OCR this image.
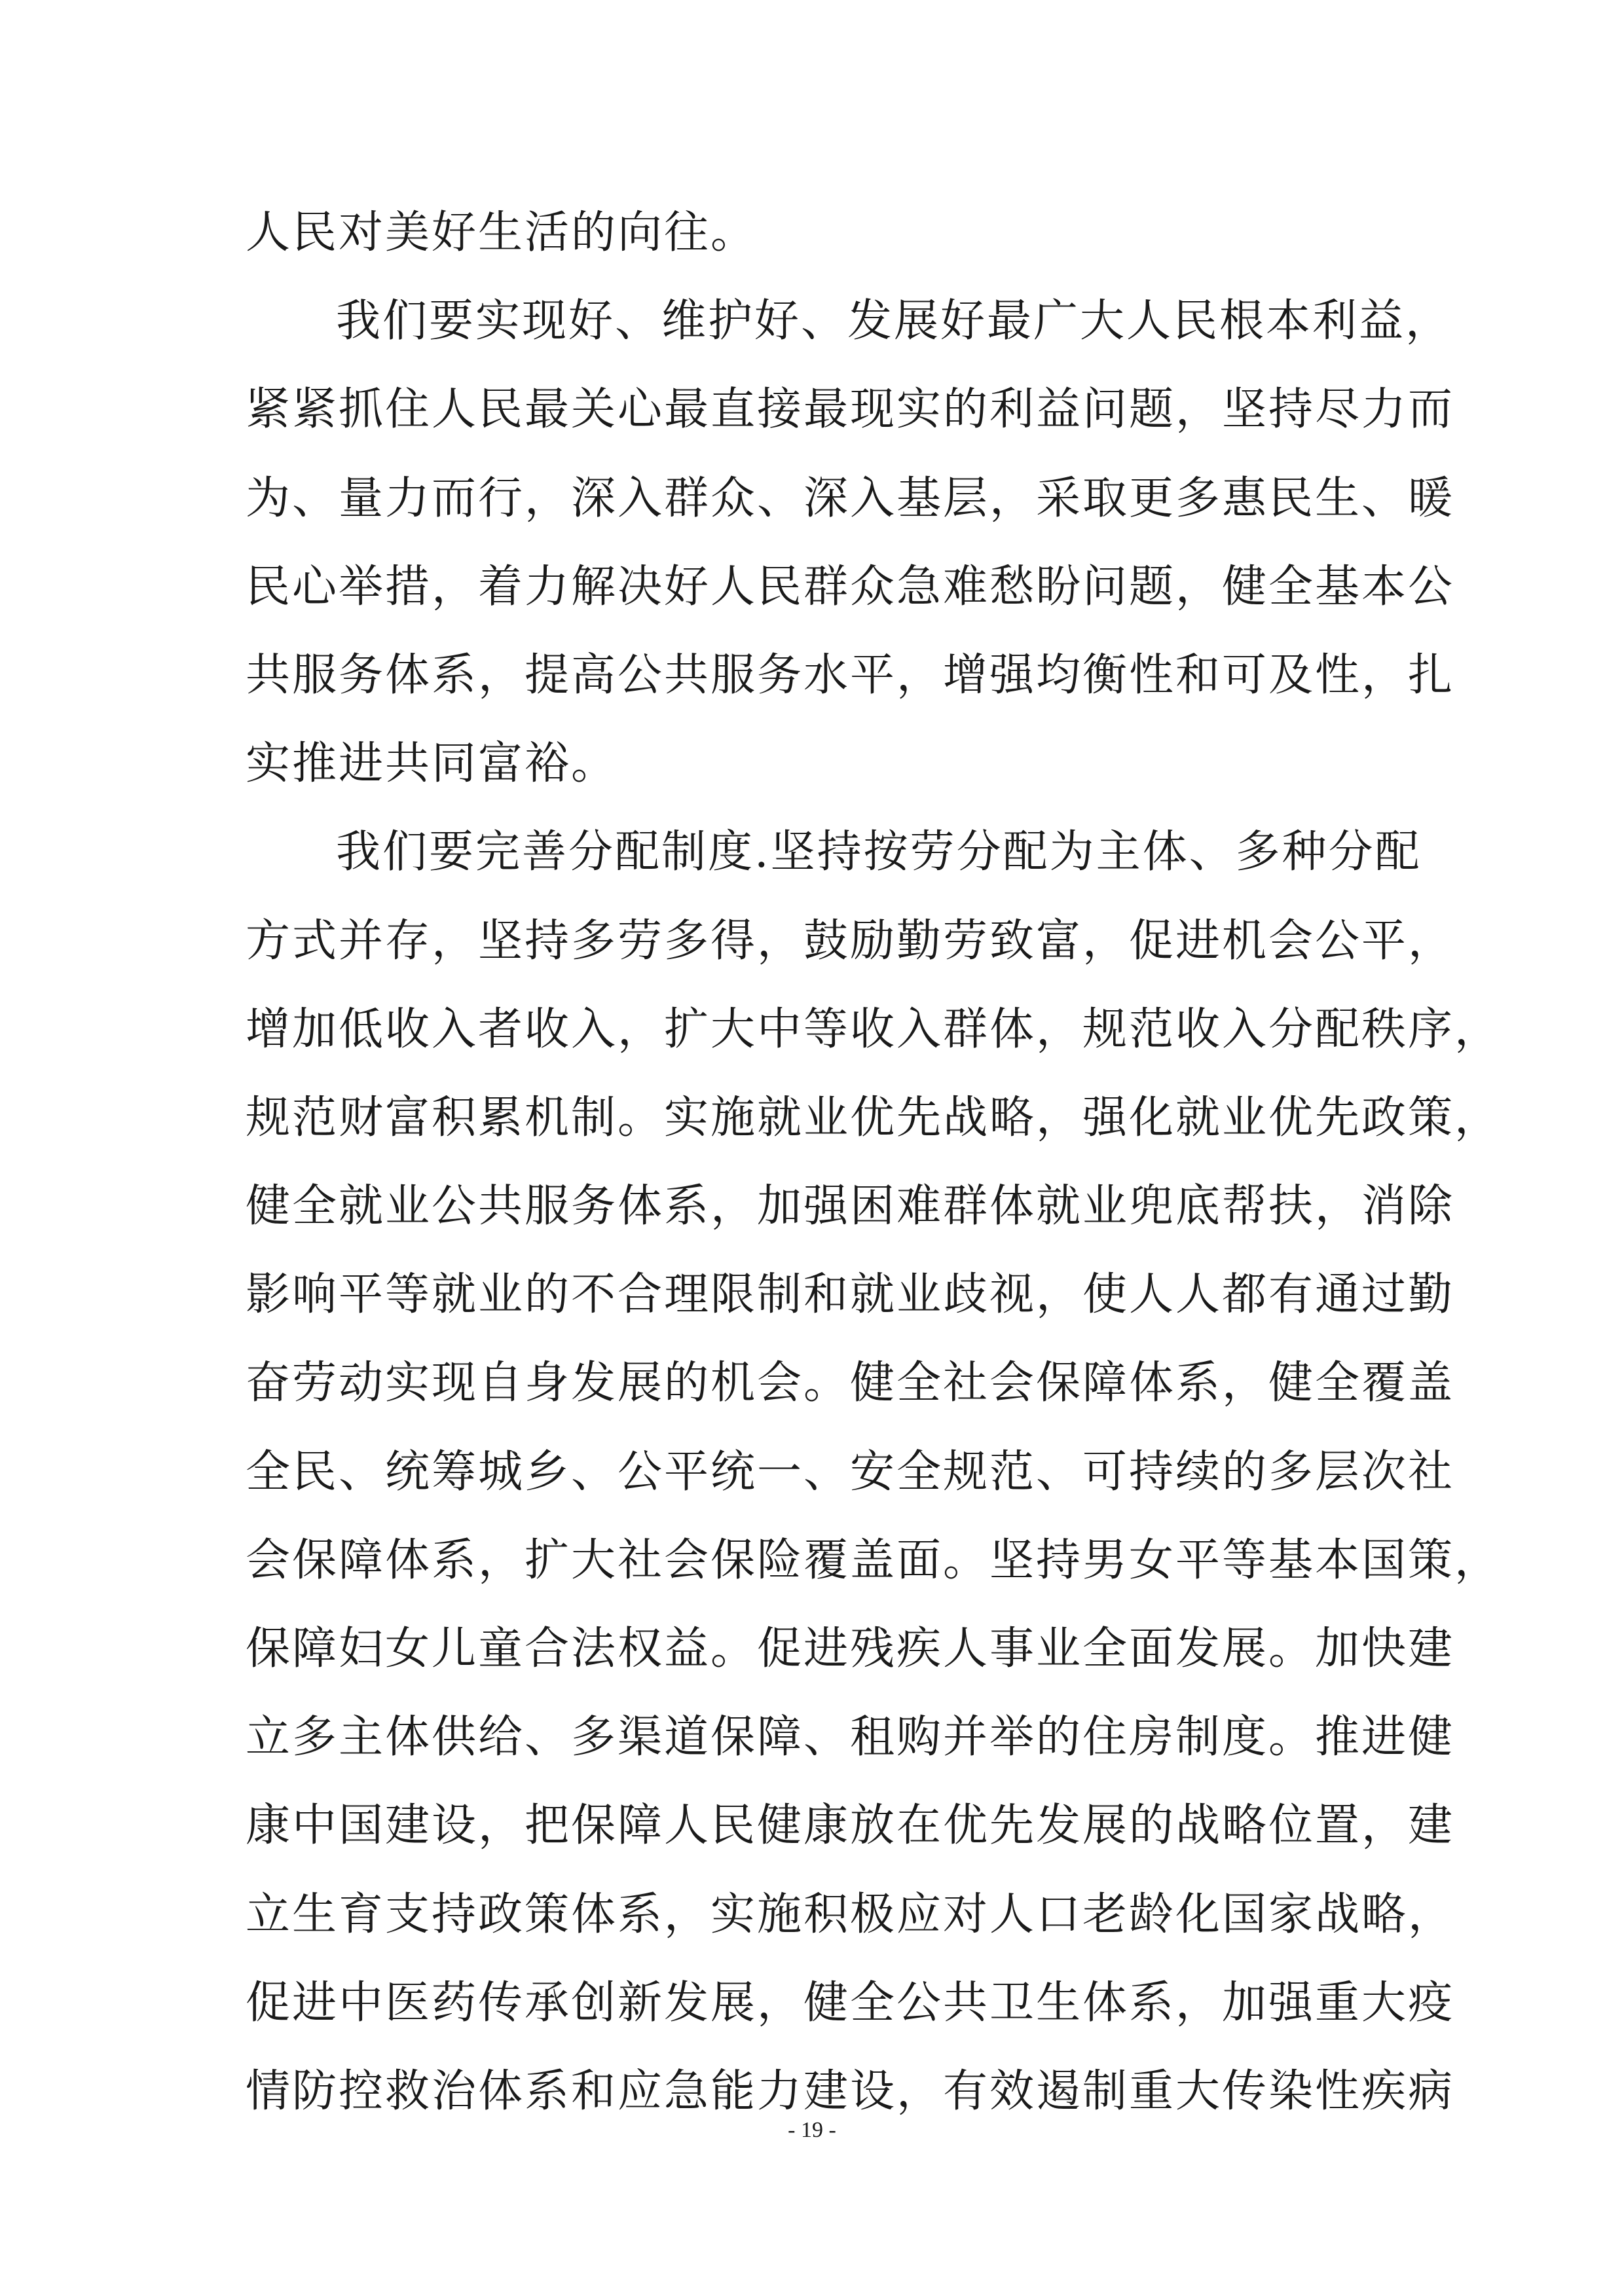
人民对美好生活的向往。
我们要实现好、维护好、发展好最广大人民根本利益，
紧紧抓住人民最关心最直接最现实的利益问题，坚持尽力而
为、量力而行，深入群众、深入基层，采取更多惠民生、暖
民心举措，着力解决好人民群众急难愁盼问题，健全基本公
共服务体系，提高公共服务水平，增强均衡性和可及性，扎
实推进共同富裕。
我们要完善分配制度.坚持按劳分配为主体、多种分配
方式并存，坚持多劳多得，鼓励勤劳致富，促进机会公平，
增加低收入者收入，扩大中等收入群体，规范收入分配秩序，
规范财富积累机制。实施就业优先战略，强化就业优先政策，
健全就业公共服务体系，加强困难群体就业兜底帮扶，消除
影响平等就业的不合理限制和就业歧视，使人人都有通过勤
奋劳动实现自身发展的机会。健全社会保障体系，健全覆盖
全民、统筹城乡、公平统一、安全规范、可持续的多层次社
会保障体系，扩大社会保险覆盖面。坚持男女平等基本国策，
保障妇女儿童合法权益。促进残疾人事业全面发展。加快建
立多主体供给、多渠道保障、租购并举的住房制度。推进健
康中国建设，把保障人民健康放在优先发展的战略位置，建
立生育支持政策体系，实施积极应对人口老龄化国家战略，
促进中医药传承创新发展，健全公共卫生体系，加强重大疫
情防控救治体系和应急能力建设，有效遏制重大传染性疾病
- 19 -
